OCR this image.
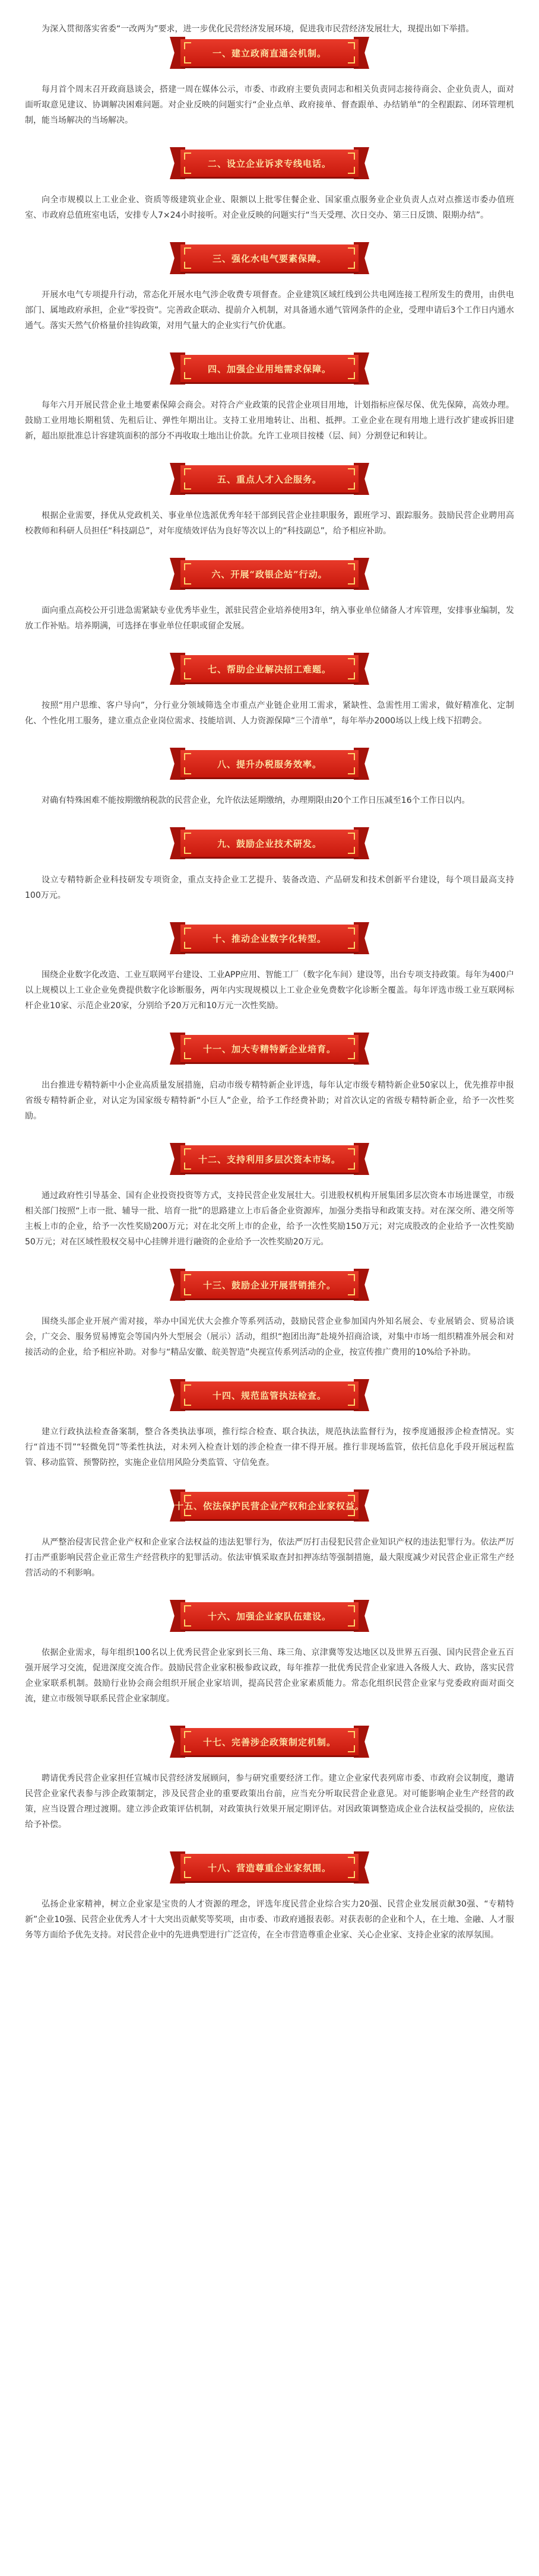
为深入贯彻落实省委“一改两为”要求，进一步优化民营经济发展环境，促进我市民营经济发展壮大，现提出如下举措。

一、建立政商直通会机制。

每月首个周末召开政商恳谈会，搭建一周在媒体公示，市委、市政府主要负责同志和相关负责同志接待商会、企业负责人，面对面听取意见建议、协调解决困难问题。对企业反映的问题实行“企业点单、政府接单、督查跟单、办结销单”的全程跟踪、闭环管理机制，能当场解决的当场解决。

二、设立企业诉求专线电话。

向全市规模以上工业企业、资质等级建筑业企业、限额以上批零住餐企业、国家重点服务业企业负责人点对点推送市委办值班室、市政府总值班室电话，安排专人7×24小时接听。对企业反映的问题实行“当天受理、次日交办、第三日反馈、限期办结”。

三、强化水电气要素保障。

开展水电气专项提升行动，常态化开展水电气涉企收费专项督查。企业建筑区域红线到公共电网连接工程所发生的费用，由供电部门、属地政府承担，企业“零投资”。完善政企联动、提前介入机制，对具备通水通气管网条件的企业，受理申请后3个工作日内通水通气。落实天然气价格量价挂钩政策，对用气量大的企业实行气价优惠。

四、加强企业用地需求保障。

每年六月开展民营企业土地要素保障会商会。对符合产业政策的民营企业项目用地，计划指标应保尽保、优先保障，高效办理。鼓励工业用地长期租赁、先租后让、弹性年期出让。支持工业用地转让、出租、抵押。工业企业在现有用地上进行改扩建或拆旧建新，超出原批准总计容建筑面积的部分不再收取土地出让价款。允许工业项目按楼（层、间）分割登记和转让。

五、重点人才入企服务。

根据企业需要，择优从党政机关、事业单位选派优秀年轻干部到民营企业挂职服务，跟班学习、跟踪服务。鼓励民营企业聘用高校教师和科研人员担任“科技副总”，对年度绩效评估为良好等次以上的“科技副总”，给予相应补助。

六、开展“政银企站”行动。

面向重点高校公开引进急需紧缺专业优秀毕业生，派驻民营企业培养使用3年，纳入事业单位储备人才库管理，安排事业编制，发放工作补贴。培养期满，可选择在事业单位任职或留企发展。

七、帮助企业解决招工难题。

按照“用户思维、客户导向”，分行业分领域筛选全市重点产业链企业用工需求，紧缺性、急需性用工需求，做好精准化、定制化、个性化用工服务，建立重点企业岗位需求、技能培训、人力资源保障“三个清单”，每年举办2000场以上线上线下招聘会。

八、提升办税服务效率。

对确有特殊困难不能按期缴纳税款的民营企业，允许依法延期缴纳，办理期限由20个工作日压减至16个工作日以内。

九、鼓励企业技术研发。

设立专精特新企业科技研发专项资金，重点支持企业工艺提升、装备改造、产品研发和技术创新平台建设，每个项目最高支持100万元。

十、推动企业数字化转型。

围绕企业数字化改造、工业互联网平台建设、工业APP应用、智能工厂（数字化车间）建设等，出台专项支持政策。每年为400户以上规模以上工业企业免费提供数字化诊断服务，两年内实现规模以上工业企业免费数字化诊断全覆盖。每年评选市级工业互联网标杆企业10家、示范企业20家，分别给予20万元和10万元一次性奖励。

十一、加大专精特新企业培育。

出台推进专精特新中小企业高质量发展措施，启动市级专精特新企业评选，每年认定市级专精特新企业50家以上，优先推荐申报省级专精特新企业，对认定为国家级专精特新“小巨人”企业，给予工作经费补助；对首次认定的省级专精特新企业，给予一次性奖励。

十二、支持利用多层次资本市场。

通过政府性引导基金、国有企业投资投资等方式，支持民营企业发展壮大。引进股权机构开展集团多层次资本市场进课堂，市级相关部门按照“上市一批、辅导一批、培育一批”的思路建立上市后备企业资源库，加强分类指导和政策支持。对在深交所、港交所等主板上市的企业，给予一次性奖励200万元；对在北交所上市的企业，给予一次性奖励150万元；对完成股改的企业给予一次性奖励50万元；对在区域性股权交易中心挂牌并进行融资的企业给予一次性奖励20万元。

十三、鼓励企业开展营销推介。

围绕头部企业开展产需对接，举办中国光伏大会推介等系列活动，鼓励民营企业参加国内外知名展会、专业展销会、贸易洽谈会，广交会、服务贸易博览会等国内外大型展会（展示）活动，组织“抱团出海”赴境外招商洽谈，对集中市场一组织精准外展会和对接活动的企业，给予相应补助。对参与“精品安徽、皖美智造”央视宣传系列活动的企业，按宣传推广费用的10%给予补助。

十四、规范监管执法检查。

建立行政执法检查备案制，整合各类执法事项，推行综合检查、联合执法，规范执法监督行为，按季度通报涉企检查情况。实行“首违不罚”“轻微免罚”等柔性执法，对未列入检查计划的涉企检查一律不得开展。推行非现场监管，依托信息化手段开展远程监管、移动监管、预警防控，实施企业信用风险分类监管、守信免查。

十五、依法保护民营企业产权和企业家权益。

从严整治侵害民营企业产权和企业家合法权益的违法犯罪行为，依法严厉打击侵犯民营企业知识产权的违法犯罪行为。依法严厉打击严重影响民营企业正常生产经营秩序的犯罪活动。依法审慎采取查封扣押冻结等强制措施，最大限度减少对民营企业正常生产经营活动的不利影响。

十六、加强企业家队伍建设。

依据企业需求，每年组织100名以上优秀民营企业家到长三角、珠三角、京津冀等发达地区以及世界五百强、国内民营企业五百强开展学习交流，促进深度交流合作。鼓励民营企业家积极参政议政，每年推荐一批优秀民营企业家进入各级人大、政协，落实民营企业家联系机制。鼓励行业协会商会组织开展企业家培训，提高民营企业家素质能力。常态化组织民营企业家与党委政府面对面交流，建立市级领导联系民营企业家制度。

十七、完善涉企政策制定机制。

聘请优秀民营企业家担任宣城市民营经济发展顾问，参与研究重要经济工作。建立企业家代表列席市委、市政府会议制度，邀请民营企业家代表参与涉企政策制定，涉及民营企业的重要政策出台前，应当充分听取民营企业意见。对可能影响企业生产经营的政策，应当设置合理过渡期。建立涉企政策评估机制，对政策执行效果开展定期评估。对因政策调整造成企业合法权益受损的，应依法给予补偿。

十八、营造尊重企业家氛围。

弘扬企业家精神，树立企业家是宝贵的人才资源的理念，评选年度民营企业综合实力20强、民营企业发展贡献30强、“专精特新”企业10强、民营企业优秀人才十大突出贡献奖等奖项，由市委、市政府通报表彰。对获表彰的企业和个人，在土地、金融、人才服务等方面给予优先支持。对民营企业中的先进典型进行广泛宣传，在全市营造尊重企业家、关心企业家、支持企业家的浓厚氛围。
